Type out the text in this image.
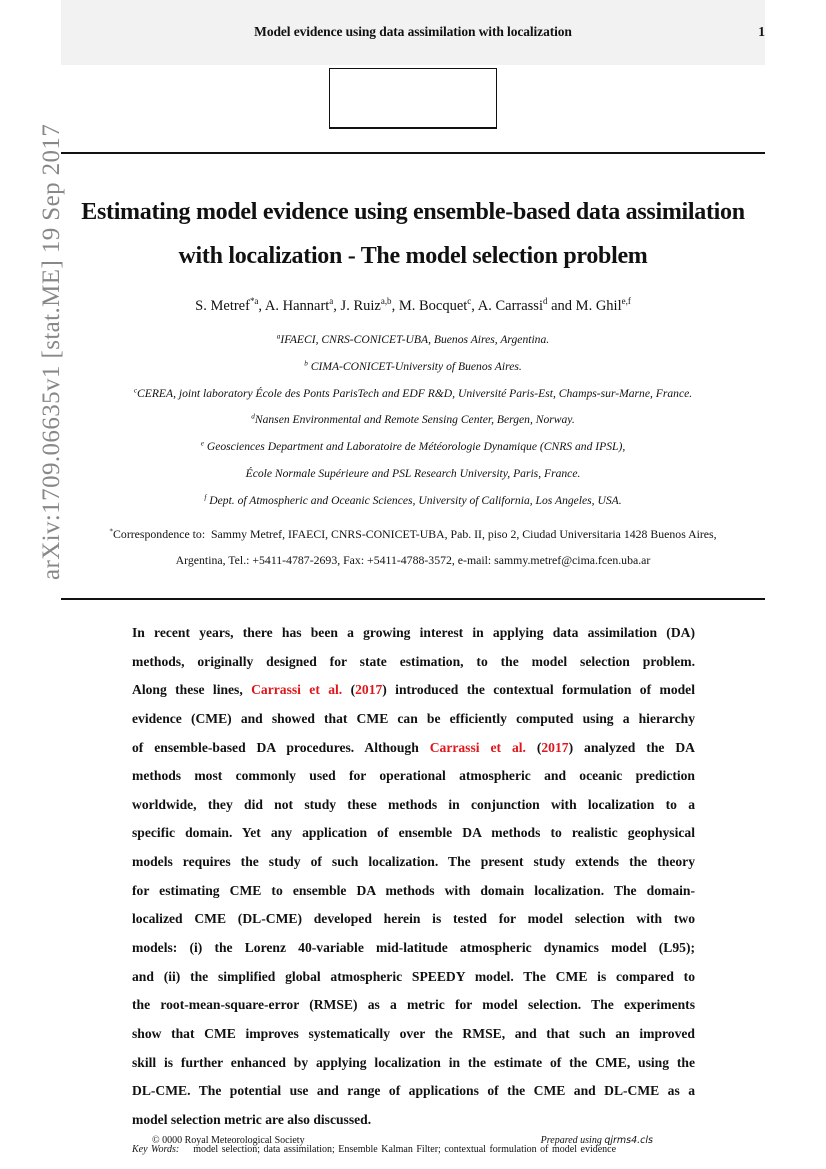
Model evidence using data assimilation with localization	1
arXiv:1709.06635v1 [stat.ME] 19 Sep 2017 Estimating model evidence using ensemble-based data assimilation
with localization - The model selection problem
S. Metref$^{*a}$, A. Hannart$^a$, J. Ruiz$^{a,b}$, M. Bocquet$^c$, A. Carrassi$^d$ and M. Ghil$^{e,f}$
$^a$IFAECI, CNRS-CONICET-UBA, Buenos Aires, Argentina.
$^b$ CIMA-CONICET-University of Buenos Aires.
$^c$CEREA, joint laboratory École des Ponts ParisTech and EDF R&D, Université Paris-Est, Champs-sur-Marne, France.
$^d$Nansen Environmental and Remote Sensing Center, Bergen, Norway.
$^e$ Geosciences Department and Laboratoire de Météorologie Dynamique (CNRS and IPSL),
École Normale Supérieure and PSL Research University, Paris, France.
$^f$ Dept. of Atmospheric and Oceanic Sciences, University of California, Los Angeles, USA.
*Correspondence to:  Sammy Metref, IFAECI, CNRS-CONICET-UBA, Pab. II, piso 2, Ciudad Universitaria 1428 Buenos Aires,
Argentina, Tel.: +5411-4787-2693, Fax: +5411-4788-3572, e-mail: sammy.metref@cima.fcen.uba.ar
In recent years, there has been a growing interest in applying data assimilation (DA)
methods, originally designed for state estimation, to the model selection problem.
Along these lines, Carrassi et al. (2017) introduced the contextual formulation of model
evidence (CME) and showed that CME can be efficiently computed using a hierarchy
of ensemble-based DA procedures. Although Carrassi et al. (2017) analyzed the DA
methods most commonly used for operational atmospheric and oceanic prediction
worldwide, they did not study these methods in conjunction with localization to a
specific domain. Yet any application of ensemble DA methods to realistic geophysical
models requires the study of such localization. The present study extends the theory
for estimating CME to ensemble DA methods with domain localization. The domain-
localized CME (DL-CME) developed herein is tested for model selection with two
models: (i) the Lorenz 40-variable mid-latitude atmospheric dynamics model (L95);
and (ii) the simplified global atmospheric SPEEDY model. The CME is compared to
the root-mean-square-error (RMSE) as a metric for model selection. The experiments
show that CME improves systematically over the RMSE, and that such an improved
skill is further enhanced by applying localization in the estimate of the CME, using the
DL-CME. The potential use and range of applications of the CME and DL-CME as a
model selection metric are also discussed.
© 0000 Royal Meteorological Society	Prepared using qjrms4.cls
Key Words: model selection; data assimilation; Ensemble Kalman Filter; contextual formulation of model evidence
